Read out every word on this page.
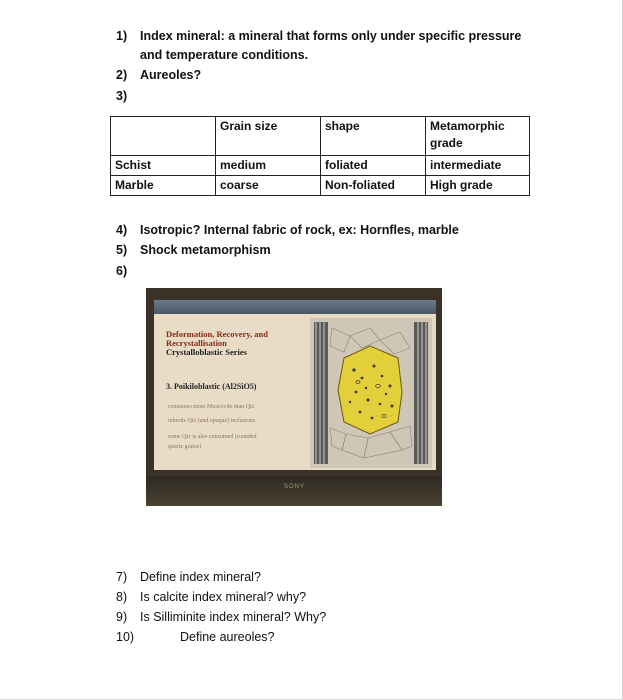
1) Index mineral: a mineral that forms only under specific pressure
and temperature conditions.
2) Aureoles?
3)
	Grain size	shape	Metamorphic grade
Schist	medium	foliated	intermediate
Marble	coarse	Non-foliated	High grade
4) Isotropic? Internal fabric of rock, ex: Hornfles, marble
5) Shock metamorphism
6)
Deformation, Recovery, and
Recrystallisation
Crystalloblastic Series
3. Poikiloblastic (Al2SiO5)
consumes more Muscovite than Qtz
inherits Qtz (and opaque) inclusions
some Qtz is also consumed (rounded
quartz grains)
SONY
7) Define index mineral?
8) Is calcite index mineral? why?
9) Is Silliminite index mineral? Why?
10)	Define aureoles?
